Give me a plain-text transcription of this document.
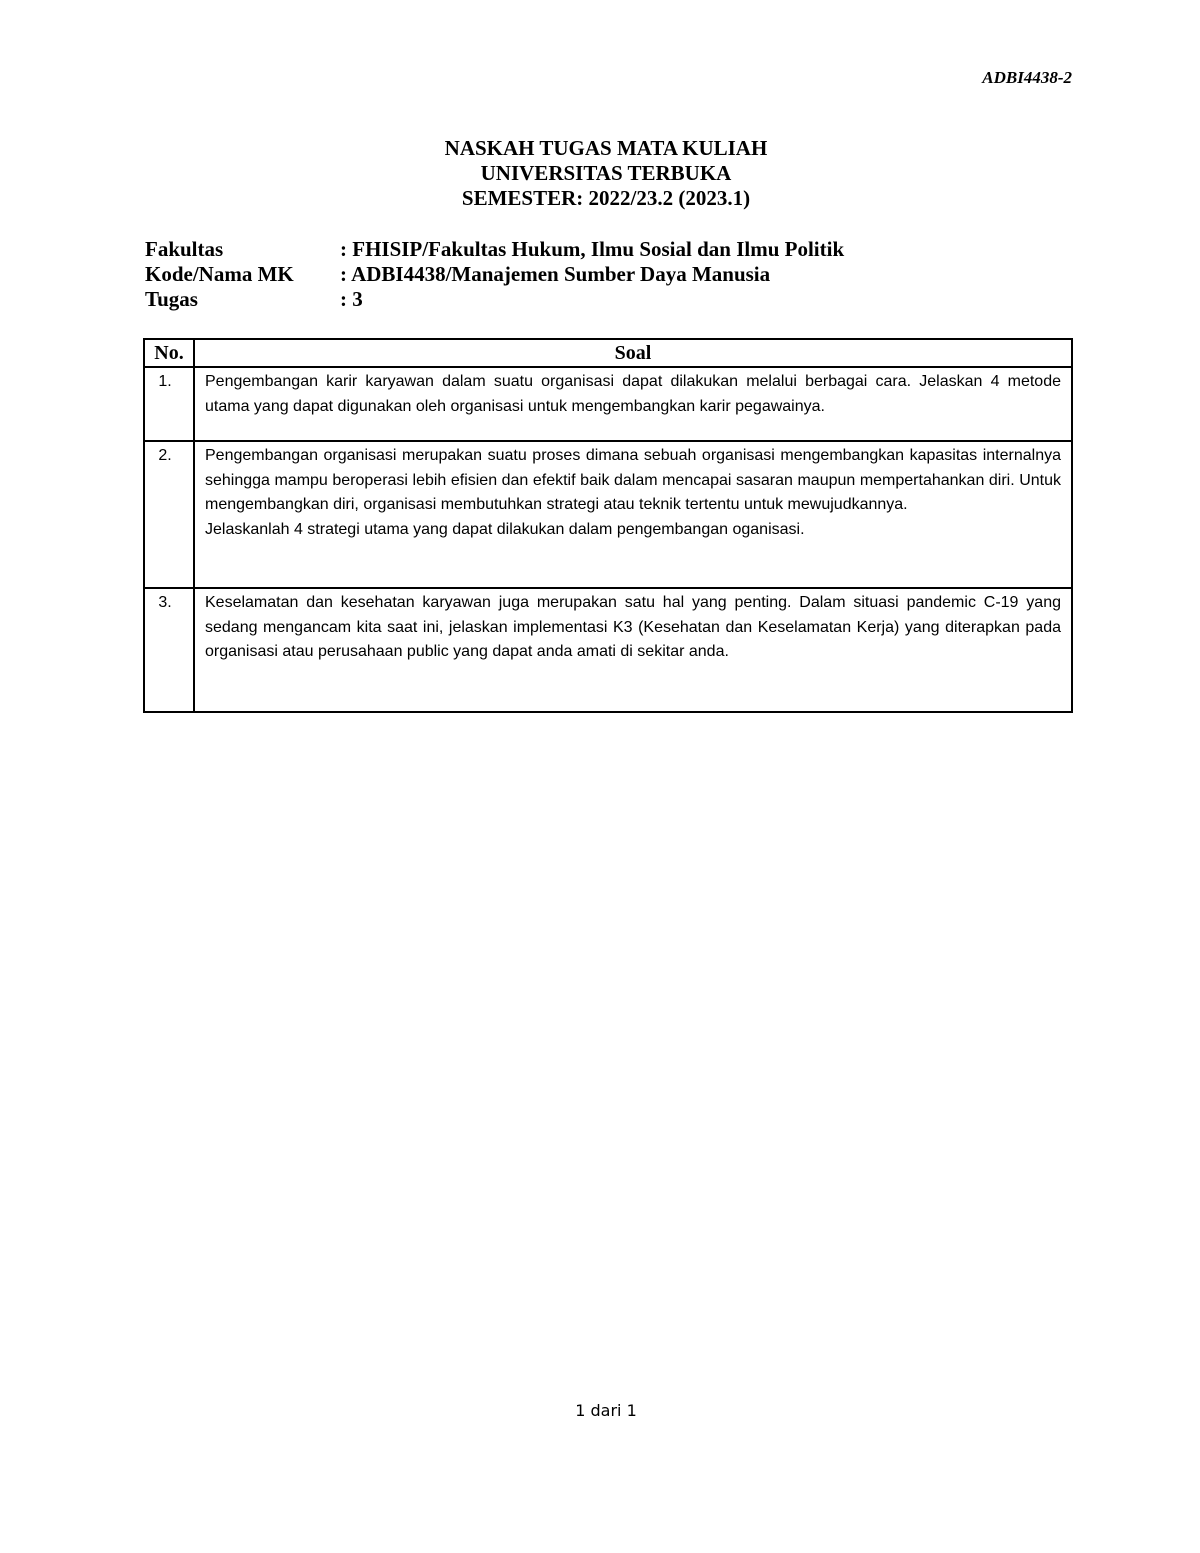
ADBI4438-2
NASKAH TUGAS MATA KULIAH
UNIVERSITAS TERBUKA
SEMESTER: 2022/23.2 (2023.1)
Fakultas	: FHISIP/Fakultas Hukum, Ilmu Sosial dan Ilmu Politik
Kode/Nama MK	: ADBI4438/Manajemen Sumber Daya Manusia
Tugas	: 3
No.	Soal
1.	Pengembangan karir karyawan dalam suatu organisasi dapat dilakukan melalui berbagai cara. Jelaskan 4 metode utama yang dapat digunakan oleh organisasi untuk mengembangkan karir pegawainya.

2.	Pengembangan organisasi merupakan suatu proses dimana sebuah organisasi mengembangkan kapasitas internalnya sehingga mampu beroperasi lebih efisien dan efektif baik dalam mencapai sasaran maupun mempertahankan diri. Untuk mengembangkan diri, organisasi membutuhkan strategi atau teknik tertentu untuk mewujudkannya.

Jelaskanlah 4 strategi utama yang dapat dilakukan dalam pengembangan oganisasi.

3.	Keselamatan dan kesehatan karyawan juga merupakan satu hal yang penting. Dalam situasi pandemic C-19 yang sedang mengancam kita saat ini, jelaskan implementasi K3 (Kesehatan dan Keselamatan Kerja) yang diterapkan pada organisasi atau perusahaan public yang dapat anda amati di sekitar anda.

1 dari 1
